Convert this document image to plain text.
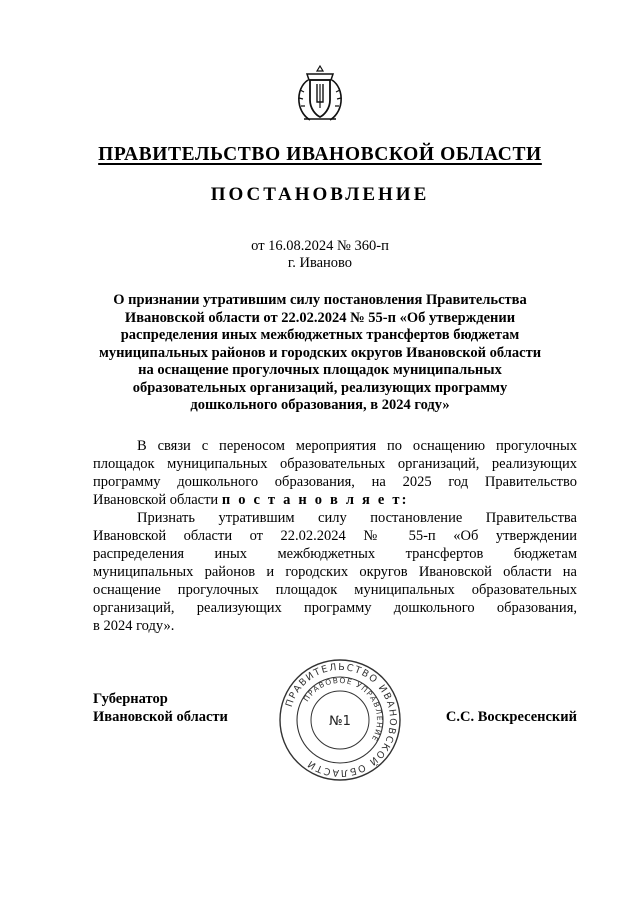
ПРАВИТЕЛЬСТВО ИВАНОВСКОЙ ОБЛАСТИ
ПОСТАНОВЛЕНИЕ
от 16.08.2024 № 360-п
г. Иваново
О признании утратившим силу постановления Правительства
Ивановской области от 22.02.2024 № 55-п «Об утверждении
распределения иных межбюджетных трансфертов бюджетам
муниципальных районов и городских округов Ивановской области
на оснащение прогулочных площадок муниципальных
образовательных организаций, реализующих программу
дошкольного образования, в 2024 году»
В связи с переносом мероприятия по оснащению прогулочных
площадок муниципальных образовательных организаций, реализующих
программу дошкольного образования, на 2025 год Правительство
Ивановской области п о с т а н о в л я е т:
Признать утратившим силу постановление Правительства
Ивановской области от 22.02.2024 № 55-п «Об утверждении
распределения иных межбюджетных трансфертов бюджетам
муниципальных районов и городских округов Ивановской области на
оснащение прогулочных площадок муниципальных образовательных
организаций, реализующих программу дошкольного образования,
в 2024 году».
Губернатор
Ивановской области
ПРАВИТЕЛЬСТВО ИВАНОВСКОЙ ОБЛАСТИ
ПРАВОВОЕ УПРАВЛЕНИЕ
№1	С.С. Воскресенский
